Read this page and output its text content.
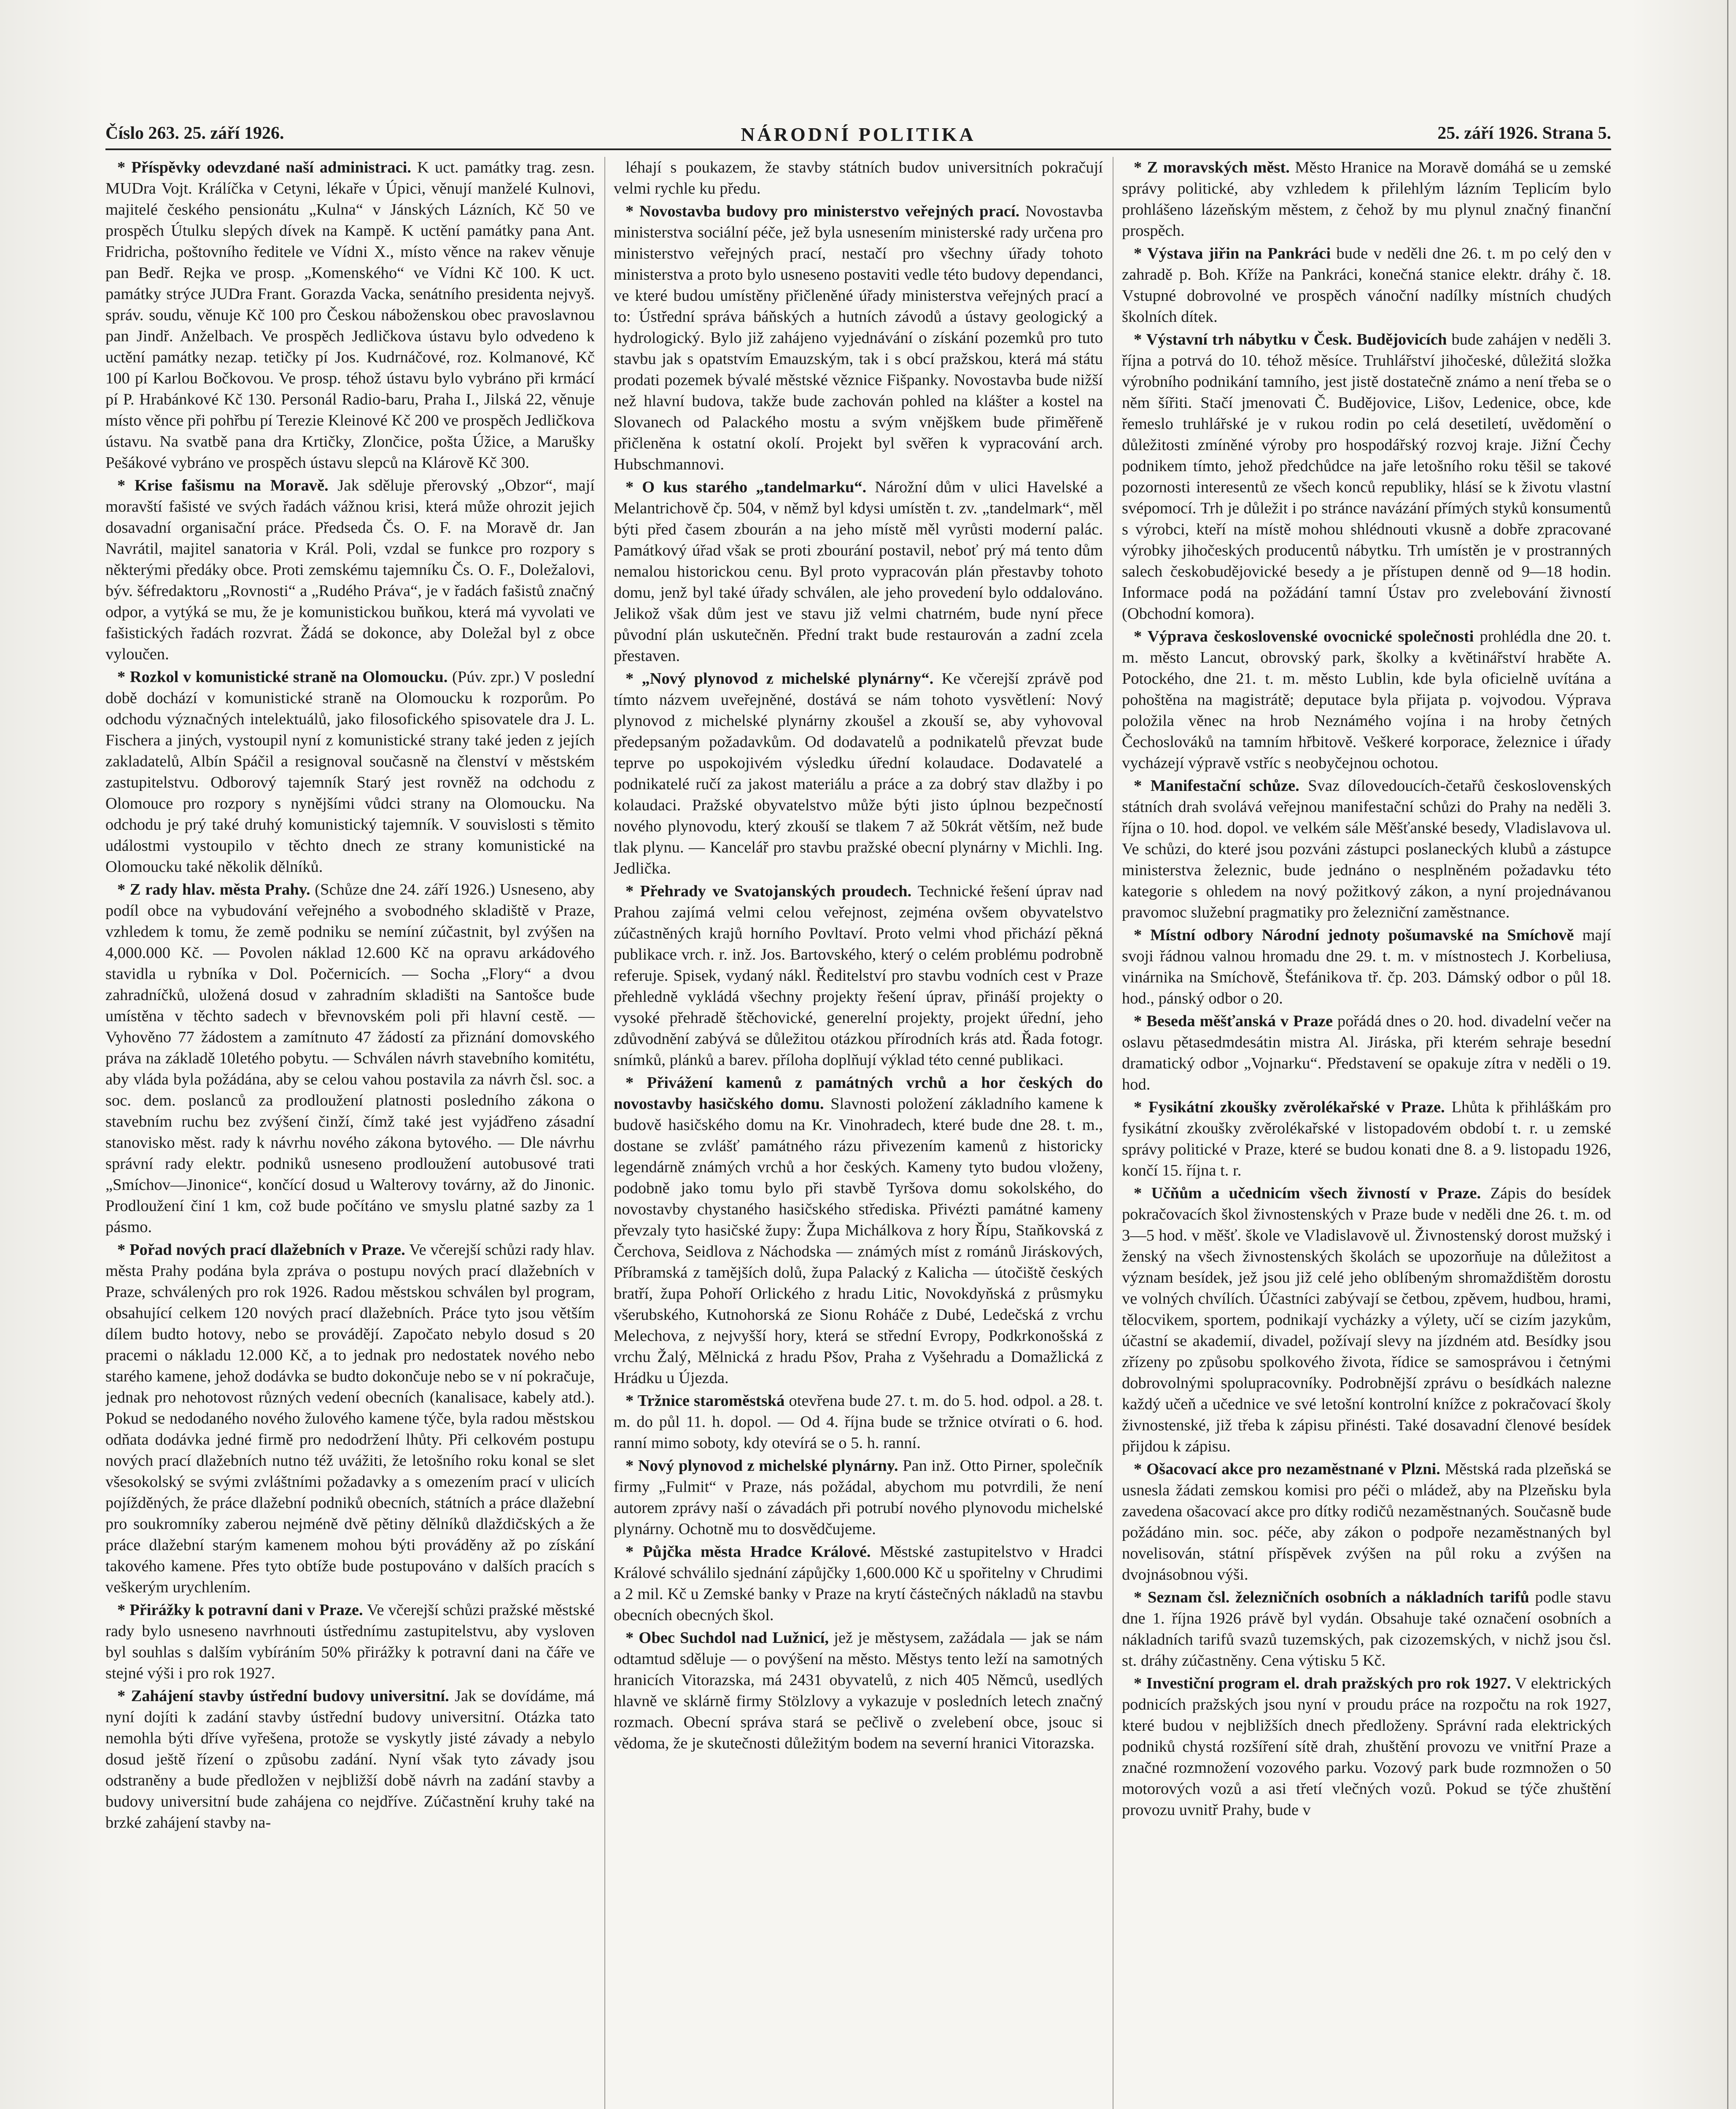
Číslo 263. 25. září 1926.	NÁRODNÍ POLITIKA	25. září 1926. Strana 5.

* Příspěvky odevzdané naší administraci. K uct. památky trag. zesn. MUDra Vojt. Králíčka v Cetyni, lékaře v Úpici, věnují manželé Kulnovi, majitelé českého pensionátu „Kulna“ v Jánských Lázních, Kč 50 ve prospěch Útulku slepých dívek na Kampě. K uctění památky pana Ant. Fridricha, poštovního ředitele ve Vídni X., místo věnce na rakev věnuje pan Bedř. Rejka ve prosp. „Komenského“ ve Vídni Kč 100. K uct. památky strýce JUDra Frant. Gorazda Vacka, senátního presidenta nejvyš. správ. soudu, věnuje Kč 100 pro Českou náboženskou obec pravoslavnou pan Jindř. Anželbach. Ve prospěch Jedličkova ústavu bylo odvedeno k uctění památky nezap. tetičky pí Jos. Kudrnáčové, roz. Kolmanové, Kč 100 pí Karlou Bočkovou. Ve prosp. téhož ústavu bylo vybráno při krmácí pí P. Hrabánkové Kč 130. Personál Radio-baru, Praha I., Jilská 22, věnuje místo věnce při pohřbu pí Terezie Kleinové Kč 200 ve prospěch Jedličkova ústavu. Na svatbě pana dra Krtičky, Zlončice, pošta Úžice, a Marušky Pešákové vybráno ve prospěch ústavu slepců na Klárově Kč 300.

* Krise fašismu na Moravě. Jak sděluje přerovský „Obzor“, mají moravští fašisté ve svých řadách vážnou krisi, která může ohrozit jejich dosavadní organisační práce. Předseda Čs. O. F. na Moravě dr. Jan Navrátil, majitel sanatoria v Král. Poli, vzdal se funkce pro rozpory s některými předáky obce. Proti zemskému tajemníku Čs. O. F., Doležalovi, býv. šéfredaktoru „Rovnosti“ a „Rudého Práva“, je v řadách fašistů značný odpor, a vytýká se mu, že je komunistickou buňkou, která má vyvolati ve fašistických řadách rozvrat. Žádá se dokonce, aby Doležal byl z obce vyloučen.

* Rozkol v komunistické straně na Olomoucku. (Púv. zpr.) V poslední době dochází v komunistické straně na Olomoucku k rozporům. Po odchodu význačných intelektuálů, jako filosofického spisovatele dra J. L. Fischera a jiných, vystoupil nyní z komunistické strany také jeden z jejích zakladatelů, Albín Spáčil a resignoval současně na členství v městském zastupitelstvu. Odborový tajemník Starý jest rovněž na odchodu z Olomouce pro rozpory s nynějšími vůdci strany na Olomoucku. Na odchodu je prý také druhý komunistický tajemník. V souvislosti s těmito událostmi vystoupilo v těchto dnech ze strany komunistické na Olomoucku také několik dělníků.

* Z rady hlav. města Prahy. (Schůze dne 24. září 1926.) Usneseno, aby podíl obce na vybudování veřejného a svobodného skladiště v Praze, vzhledem k tomu, že země podniku se nemíní zúčastnit, byl zvýšen na 4,000.000 Kč. — Povolen náklad 12.600 Kč na opravu arkádového stavidla u rybníka v Dol. Počernicích. — Socha „Flory“ a dvou zahradníčků, uložená dosud v zahradním skladišti na Santošce bude umístěna v těchto sadech v břevnovském poli při hlavní cestě. — Vyhověno 77 žádostem a zamítnuto 47 žádostí za přiznání domovského práva na základě 10letého pobytu. — Schválen návrh stavebního komitétu, aby vláda byla požádána, aby se celou vahou postavila za návrh čsl. soc. a soc. dem. poslanců za prodloužení platnosti posledního zákona o stavebním ruchu bez zvýšení činží, čímž také jest vyjádřeno zásadní stanovisko měst. rady k návrhu nového zákona bytového. — Dle návrhu správní rady elektr. podniků usneseno prodloužení autobusové trati „Smíchov—Jinonice“, končící dosud u Walterovy továrny, až do Jinonic. Prodloužení činí 1 km, což bude počítáno ve smyslu platné sazby za 1 pásmo.

* Pořad nových prací dlažebních v Praze. Ve včerejší schůzi rady hlav. města Prahy podána byla zpráva o postupu nových prací dlažebních v Praze, schválených pro rok 1926. Radou městskou schválen byl program, obsahující celkem 120 nových prací dlažebních. Práce tyto jsou větším dílem budto hotovy, nebo se provádějí. Započato nebylo dosud s 20 pracemi o nákladu 12.000 Kč, a to jednak pro nedostatek nového nebo starého kamene, jehož dodávka se budto dokončuje nebo se v ní pokračuje, jednak pro nehotovost různých vedení obecních (kanalisace, kabely atd.). Pokud se nedodaného nového žulového kamene týče, byla radou městskou odňata dodávka jedné firmě pro nedodržení lhůty. Při celkovém postupu nových prací dlažebních nutno též uvážiti, že letošního roku konal se slet všesokolský se svými zvláštními požadavky a s omezením prací v ulicích pojížděných, že práce dlažební podniků obecních, státních a práce dlažební pro soukromníky zaberou nejméně dvě pětiny dělníků dlaždičských a že práce dlažební starým kamenem mohou býti prováděny až po získání takového kamene. Přes tyto obtíže bude postupováno v dalších pracích s veškerým urychlením.

* Přirážky k potravní dani v Praze. Ve včerejší schůzi pražské městské rady bylo usneseno navrhnouti ústřednímu zastupitelstvu, aby vysloven byl souhlas s dalším vybíráním 50% přirážky k potravní dani na čáře ve stejné výši i pro rok 1927.

* Zahájení stavby ústřední budovy universitní. Jak se dovídáme, má nyní dojíti k zadání stavby ústřední budovy universitní. Otázka tato nemohla býti dříve vyřešena, protože se vyskytly jisté závady a nebylo dosud ještě řízení o způsobu zadání. Nyní však tyto závady jsou odstraněny a bude předložen v nejbližší době návrh na zadání stavby a budovy universitní bude zahájena co nejdříve. Zúčastnění kruhy také na brzké zahájení stavby na-

léhají s poukazem, že stavby státních budov universitních pokračují velmi rychle ku předu.

* Novostavba budovy pro ministerstvo veřejných prací. Novostavba ministerstva sociální péče, jež byla usnesením ministerské rady určena pro ministerstvo veřejných prací, nestačí pro všechny úřady tohoto ministerstva a proto bylo usneseno postaviti vedle této budovy dependanci, ve které budou umístěny přičleněné úřady ministerstva veřejných prací a to: Ústřední správa báňských a hutních závodů a ústavy geologický a hydrologický. Bylo již zahájeno vyjednávání o získání pozemků pro tuto stavbu jak s opatstvím Emauzským, tak i s obcí pražskou, která má státu prodati pozemek bývalé městské věznice Fišpanky. Novostavba bude nižší než hlavní budova, takže bude zachován pohled na klášter a kostel na Slovanech od Palackého mostu a svým vnějškem bude přiměřeně přičleněna k ostatní okolí. Projekt byl svěřen k vypracování arch. Hubschmannovi.

* O kus starého „tandelmarku“. Nárožní dům v ulici Havelské a Melantrichově čp. 504, v němž byl kdysi umístěn t. zv. „tandelmark“, měl býti před časem zbourán a na jeho místě měl vyrůsti moderní palác. Památkový úřad však se proti zbourání postavil, neboť prý má tento dům nemalou historickou cenu. Byl proto vypracován plán přestavby tohoto domu, jenž byl také úřady schválen, ale jeho provedení bylo oddalováno. Jelikož však dům jest ve stavu již velmi chatrném, bude nyní přece původní plán uskutečněn. Přední trakt bude restaurován a zadní zcela přestaven.

* „Nový plynovod z michelské plynárny“. Ke včerejší zprávě pod tímto názvem uveřejněné, dostává se nám tohoto vysvětlení: Nový plynovod z michelské plynárny zkoušel a zkouší se, aby vyhovoval předepsaným požadavkům. Od dodavatelů a podnikatelů převzat bude teprve po uspokojivém výsledku úřední kolaudace. Dodavatelé a podnikatelé ručí za jakost materiálu a práce a za dobrý stav dlažby i po kolaudaci. Pražské obyvatelstvo může býti jisto úplnou bezpečností nového plynovodu, který zkouší se tlakem 7 až 50krát větším, než bude tlak plynu. — Kancelář pro stavbu pražské obecní plynárny v Michli. Ing. Jedlička.

* Přehrady ve Svatojanských proudech. Technické řešení úprav nad Prahou zajímá velmi celou veřejnost, zejména ovšem obyvatelstvo zúčastněných krajů horního Povltaví. Proto velmi vhod přichází pěkná publikace vrch. r. inž. Jos. Bartovského, který o celém problému podrobně referuje. Spisek, vydaný nákl. Ředitelství pro stavbu vodních cest v Praze přehledně vykládá všechny projekty řešení úprav, přináší projekty o vysoké přehradě štěchovické, generelní projekty, projekt úřední, jeho zdůvodnění zabývá se důležitou otázkou přírodních krás atd. Řada fotogr. snímků, plánků a barev. příloha doplňují výklad této cenné publikaci.

* Přivážení kamenů z památných vrchů a hor českých do novostavby hasičského domu. Slavnosti položení základního kamene k budově hasičského domu na Kr. Vinohradech, které bude dne 28. t. m., dostane se zvlášť památného rázu přivezením kamenů z historicky legendárně známých vrchů a hor českých. Kameny tyto budou vloženy, podobně jako tomu bylo při stavbě Tyršova domu sokolského, do novostavby chystaného hasičského střediska. Přivézti památné kameny převzaly tyto hasičské župy: Župa Michálkova z hory Řípu, Staňkovská z Čerchova, Seidlova z Náchodska — známých míst z románů Jiráskových, Příbramská z tamějších dolů, župa Palacký z Kalicha — útočiště českých bratří, župa Pohoří Orlického z hradu Litic, Novokdyňská z průsmyku všerubského, Kutnohorská ze Sionu Roháče z Dubé, Ledečská z vrchu Melechova, z nejvyšší hory, která se střední Evropy, Podkrkonošská z vrchu Žalý, Mělnická z hradu Pšov, Praha z Vyšehradu a Domažlická z Hrádku u Újezda.

* Tržnice staroměstská otevřena bude 27. t. m. do 5. hod. odpol. a 28. t. m. do půl 11. h. dopol. — Od 4. října bude se tržnice otvírati o 6. hod. ranní mimo soboty, kdy otevírá se o 5. h. ranní.

* Nový plynovod z michelské plynárny. Pan inž. Otto Pirner, společník firmy „Fulmit“ v Praze, nás požádal, abychom mu potvrdili, že není autorem zprávy naší o závadách při potrubí nového plynovodu michelské plynárny. Ochotně mu to dosvědčujeme.

* Půjčka města Hradce Králové. Městské zastupitelstvo v Hradci Králové schválilo sjednání zápůjčky 1,600.000 Kč u spořitelny v Chrudimi a 2 mil. Kč u Zemské banky v Praze na krytí částečných nákladů na stavbu obecních obecných škol.

* Obec Suchdol nad Lužnicí, jež je městysem, zažádala — jak se nám odtamtud sděluje — o povýšení na město. Městys tento leží na samotných hranicích Vitorazska, má 2431 obyvatelů, z nich 405 Němců, usedlých hlavně ve sklárně firmy Stölzlovy a vykazuje v posledních letech značný rozmach. Obecní správa stará se pečlivě o zvelebení obce, jsouc si vědoma, že je skutečnosti důležitým bodem na severní hranici Vitorazska.

* Z moravských měst. Město Hranice na Moravě domáhá se u zemské správy politické, aby vzhledem k přilehlým lázním Teplicím bylo prohlášeno lázeňským městem, z čehož by mu plynul značný finanční prospěch.

* Výstava jiřin na Pankráci bude v neděli dne 26. t. m po celý den v zahradě p. Boh. Kříže na Pankráci, konečná stanice elektr. dráhy č. 18. Vstupné dobrovolné ve prospěch vánoční nadílky místních chudých školních dítek.

* Výstavní trh nábytku v Česk. Budějovicích bude zahájen v neděli 3. října a potrvá do 10. téhož měsíce. Truhlářství jihočeské, důležitá složka výrobního podnikání tamního, jest jistě dostatečně známo a není třeba se o něm šířiti. Stačí jmenovati Č. Budějovice, Lišov, Ledenice, obce, kde řemeslo truhlářské je v rukou rodin po celá desetiletí, uvědomění o důležitosti zmíněné výroby pro hospodářský rozvoj kraje. Jižní Čechy podnikem tímto, jehož předchůdce na jaře letošního roku těšil se takové pozornosti interesentů ze všech konců republiky, hlásí se k životu vlastní svépomocí. Trh je důležit i po stránce navázání přímých styků konsumentů s výrobci, kteří na místě mohou shlédnouti vkusně a dobře zpracované výrobky jihočeských producentů nábytku. Trh umístěn je v prostranných salech českobudějovické besedy a je přístupen denně od 9—18 hodin. Informace podá na požádání tamní Ústav pro zvelebování živností (Obchodní komora).

* Výprava československé ovocnické společnosti prohlédla dne 20. t. m. město Lancut, obrovský park, školky a květinářství hraběte A. Potockého, dne 21. t. m. město Lublin, kde byla oficielně uvítána a pohoštěna na magistrátě; deputace byla přijata p. vojvodou. Výprava položila věnec na hrob Neznámého vojína i na hroby četných Čechoslováků na tamním hřbitově. Veškeré korporace, železnice i úřady vycházejí výpravě vstříc s neobyčejnou ochotou.

* Manifestační schůze. Svaz dílovedoucích-četařů československých státních drah svolává veřejnou manifestační schůzi do Prahy na neděli 3. října o 10. hod. dopol. ve velkém sále Měšťanské besedy, Vladislavova ul. Ve schůzi, do které jsou pozváni zástupci poslaneckých klubů a zástupce ministerstva železnic, bude jednáno o nesplněném požadavku této kategorie s ohledem na nový požitkový zákon, a nyní projednávanou pravomoc služební pragmatiky pro železniční zaměstnance.

* Místní odbory Národní jednoty pošumavské na Smíchově mají svoji řádnou valnou hromadu dne 29. t. m. v místnostech J. Korbeliusa, vinárnika na Smíchově, Štefánikova tř. čp. 203. Dámský odbor o půl 18. hod., pánský odbor o 20.

* Beseda měšťanská v Praze pořádá dnes o 20. hod. divadelní večer na oslavu pětasedmdesátin mistra Al. Jiráska, při kterém sehraje besední dramatický odbor „Vojnarku“. Představení se opakuje zítra v neděli o 19. hod.

* Fysikátní zkoušky zvěrolékařské v Praze. Lhůta k přihláškám pro fysikátní zkoušky zvěrolékařské v listopadovém období t. r. u zemské správy politické v Praze, které se budou konati dne 8. a 9. listopadu 1926, končí 15. října t. r.

* Učňům a učednicím všech živností v Praze. Zápis do besídek pokračovacích škol živnostenských v Praze bude v neděli dne 26. t. m. od 3—5 hod. v měšť. škole ve Vladislavově ul. Živnostenský dorost mužský i ženský na všech živnostenských školách se upozorňuje na důležitost a význam besídek, jež jsou již celé jeho oblíbeným shromaždištěm dorostu ve volných chvílích. Účastníci zabývají se četbou, zpěvem, hudbou, hrami, tělocvikem, sportem, podnikají vycházky a výlety, učí se cizím jazykům, účastní se akademií, divadel, požívají slevy na jízdném atd. Besídky jsou zřízeny po způsobu spolkového života, řídice se samosprávou i četnými dobrovolnými spolupracovníky. Podrobnější zprávu o besídkách nalezne každý učeň a učednice ve své letošní kontrolní knížce z pokračovací školy živnostenské, již třeba k zápisu přinésti. Také dosavadní členové besídek přijdou k zápisu.

* Ošacovací akce pro nezaměstnané v Plzni. Městská rada plzeňská se usnesla žádati zemskou komisi pro péči o mládež, aby na Plzeňsku byla zavedena ošacovací akce pro dítky rodičů nezaměstnaných. Současně bude požádáno min. soc. péče, aby zákon o podpoře nezaměstnaných byl novelisován, státní příspěvek zvýšen na půl roku a zvýšen na dvojnásobnou výši.

* Seznam čsl. železničních osobních a nákladních tarifů podle stavu dne 1. října 1926 právě byl vydán. Obsahuje také označení osobních a nákladních tarifů svazů tuzemských, pak cizozemských, v nichž jsou čsl. st. dráhy zúčastněny. Cena výtisku 5 Kč.

* Investiční program el. drah pražských pro rok 1927. V elektrických podnicích pražských jsou nyní v proudu práce na rozpočtu na rok 1927, které budou v nejbližších dnech předloženy. Správní rada elektrických podniků chystá rozšíření sítě drah, zhuštění provozu ve vnitřní Praze a značné rozmnožení vozového parku. Vozový park bude rozmnožen o 50 motorových vozů a asi třetí vlečných vozů. Pokud se týče zhuštění provozu uvnitř Prahy, bude v
